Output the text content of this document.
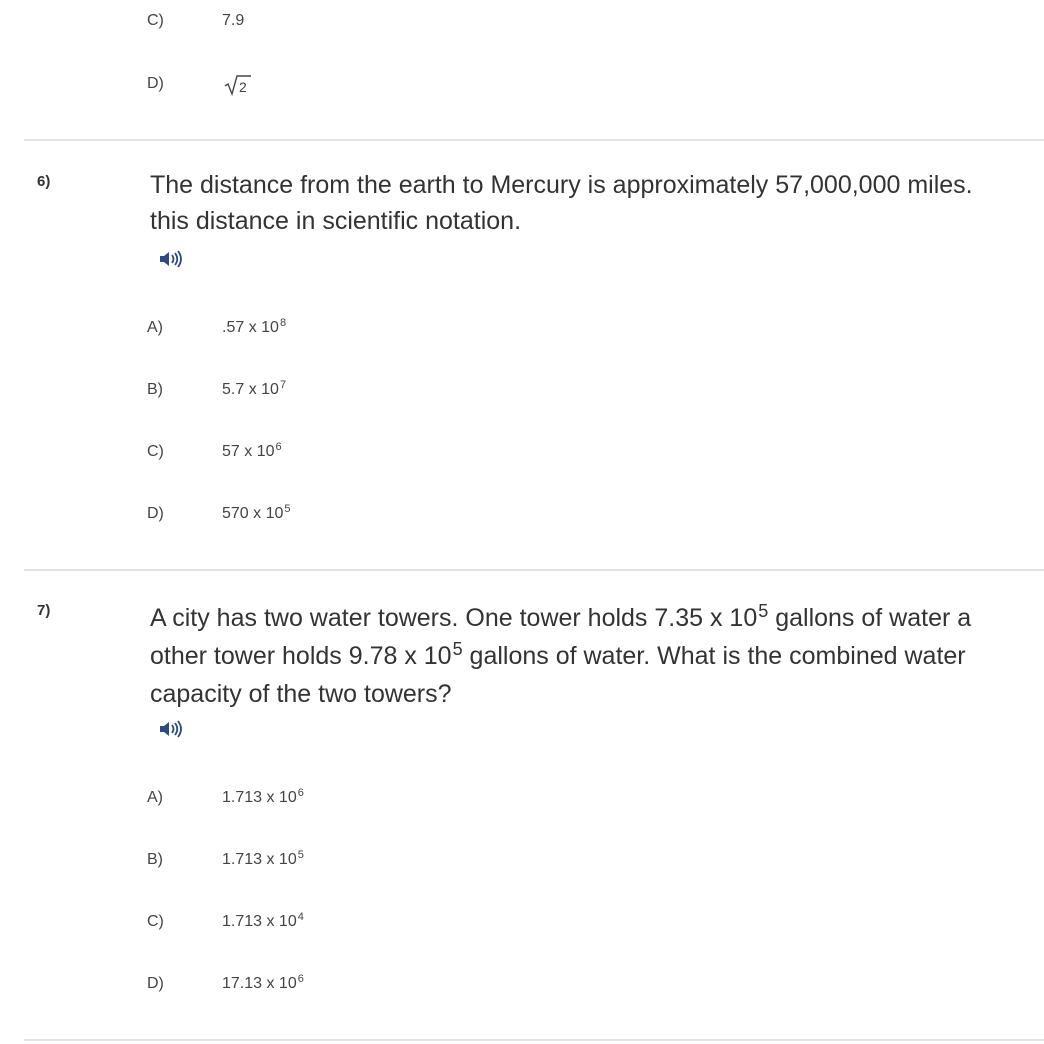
C)	7.9
D)	2
6)	The distance from the earth to Mercury is approximately 57,000,000 miles.
this distance in scientific notation.
A)	.57 x $10^8$
B)	5.7 x $10^7$
C)	57 x $10^6$
D)	570 x $10^5$
7)	A city has two water towers. One tower holds 7.35 x $10^5$ gallons of water a
other tower holds 9.78 x $10^5$ gallons of water. What is the combined water
capacity of the two towers?
A)	1.713 x $10^6$
B)	1.713 x $10^5$
C)	1.713 x $10^4$
D)	17.13 x $10^6$
